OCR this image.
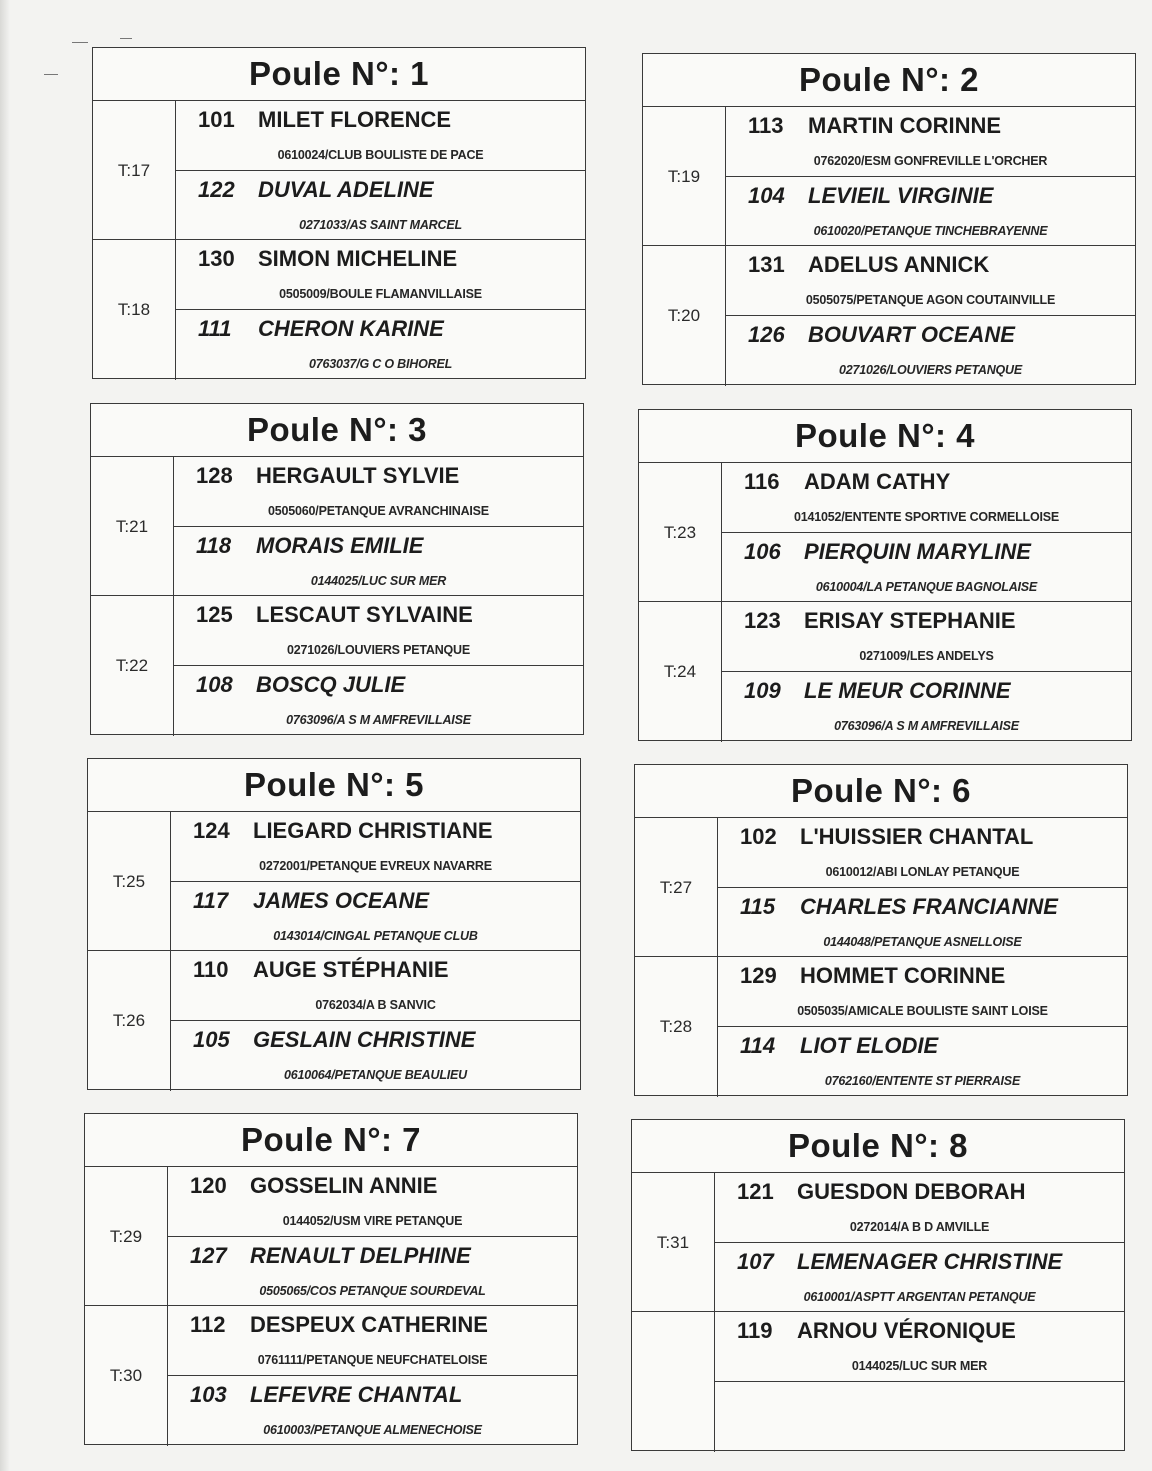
Poule N°: 1
T:17
101 MILET FLORENCE
0610024/CLUB BOULISTE DE PACE
122 DUVAL ADELINE
0271033/AS SAINT MARCEL
T:18
130 SIMON MICHELINE
0505009/BOULE FLAMANVILLAISE
111 CHERON KARINE
0763037/G C O BIHOREL
Poule N°: 2
T:19
113 MARTIN CORINNE
0762020/ESM GONFREVILLE L'ORCHER
104 LEVIEIL VIRGINIE
0610020/PETANQUE TINCHEBRAYENNE
T:20
131 ADELUS ANNICK
0505075/PETANQUE AGON COUTAINVILLE
126 BOUVART OCEANE
0271026/LOUVIERS PETANQUE
Poule N°: 3
T:21
128 HERGAULT SYLVIE
0505060/PETANQUE AVRANCHINAISE
118 MORAIS EMILIE
0144025/LUC SUR MER
T:22
125 LESCAUT SYLVAINE
0271026/LOUVIERS PETANQUE
108 BOSCQ JULIE
0763096/A S M AMFREVILLAISE
Poule N°: 4
T:23
116 ADAM CATHY
0141052/ENTENTE SPORTIVE CORMELLOISE
106 PIERQUIN MARYLINE
0610004/LA PETANQUE BAGNOLAISE
T:24
123 ERISAY STEPHANIE
0271009/LES ANDELYS
109 LE MEUR CORINNE
0763096/A S M AMFREVILLAISE
Poule N°: 5
T:25
124 LIEGARD CHRISTIANE
0272001/PETANQUE EVREUX NAVARRE
117 JAMES OCEANE
0143014/CINGAL PETANQUE CLUB
T:26
110 AUGE STÉPHANIE
0762034/A B SANVIC
105 GESLAIN CHRISTINE
0610064/PETANQUE BEAULIEU
Poule N°: 6
T:27
102 L'HUISSIER CHANTAL
0610012/ABI LONLAY PETANQUE
115 CHARLES FRANCIANNE
0144048/PETANQUE ASNELLOISE
T:28
129 HOMMET CORINNE
0505035/AMICALE BOULISTE SAINT LOISE
114 LIOT ELODIE
0762160/ENTENTE ST PIERRAISE
Poule N°: 7
T:29
120 GOSSELIN ANNIE
0144052/USM VIRE PETANQUE
127 RENAULT DELPHINE
0505065/COS PETANQUE SOURDEVAL
T:30
112 DESPEUX CATHERINE
0761111/PETANQUE NEUFCHATELOISE
103 LEFEVRE CHANTAL
0610003/PETANQUE ALMENECHOISE
Poule N°: 8
T:31
121 GUESDON DEBORAH
0272014/A B D AMVILLE
107 LEMENAGER CHRISTINE
0610001/ASPTT ARGENTAN PETANQUE
119 ARNOU VÉRONIQUE
0144025/LUC SUR MER
